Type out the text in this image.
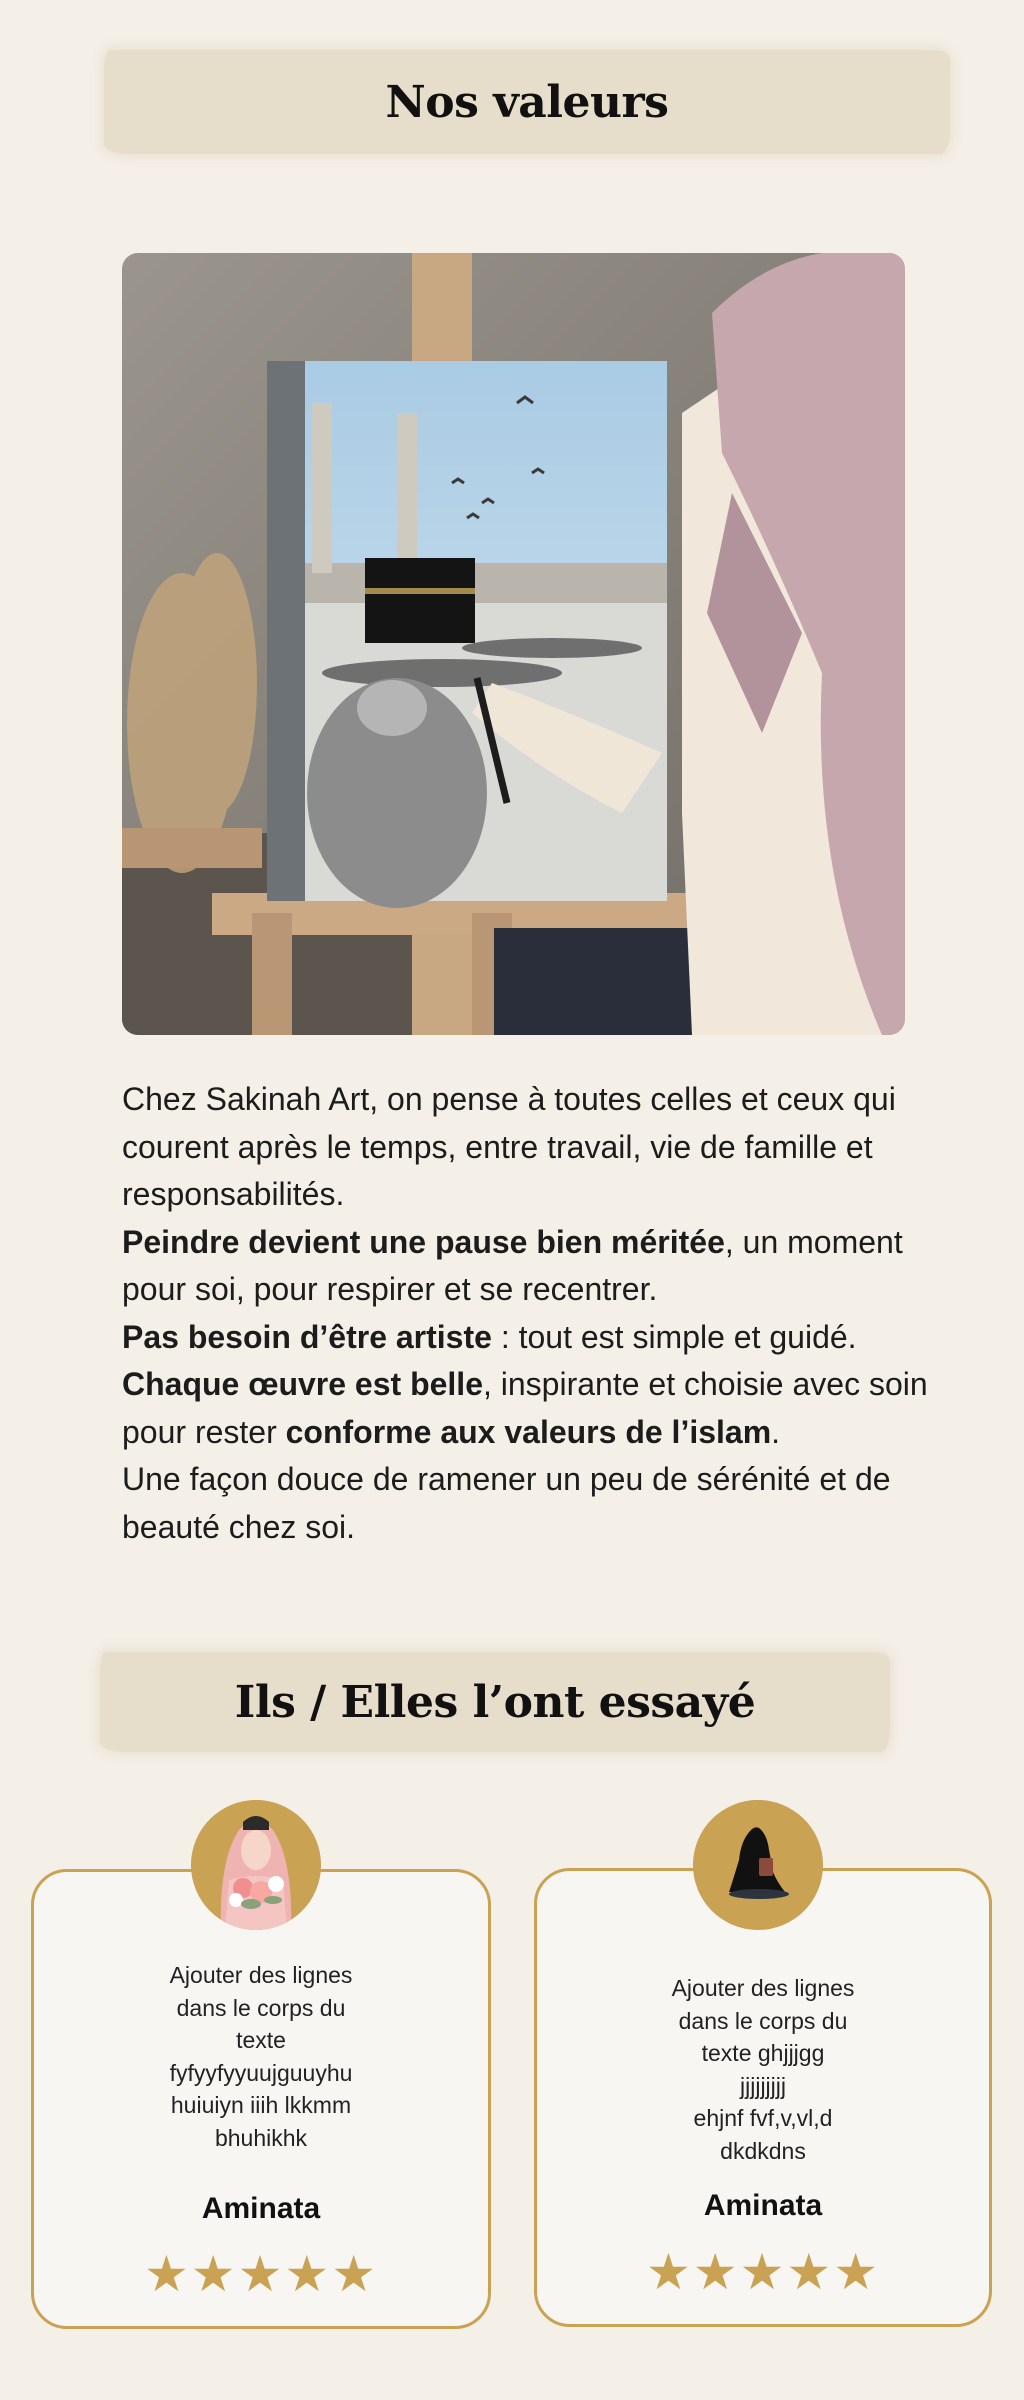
Nos valeurs

Chez Sakinah Art, on pense à toutes celles et ceux qui courent après le temps, entre travail, vie de famille et responsabilités.
Peindre devient une pause bien méritée, un moment pour soi, pour respirer et se recentrer.
Pas besoin d’être artiste : tout est simple et guidé.
Chaque œuvre est belle, inspirante et choisie avec soin pour rester conforme aux valeurs de l’islam.
Une façon douce de ramener un peu de sérénité et de beauté chez soi.

Ils / Elles l’ont essayé
Ajouter des lignes
dans le corps du
texte
fyfyyfyyuujguuyhu
huiuiyn iiih lkkmm
bhuhikhk
Aminata
★★★★★
Ajouter des lignes
dans le corps du
texte ghjjjgg
jjjjjjjjj
ehjnf fvf,v,vl,d
dkdkdns
Aminata
★★★★★
